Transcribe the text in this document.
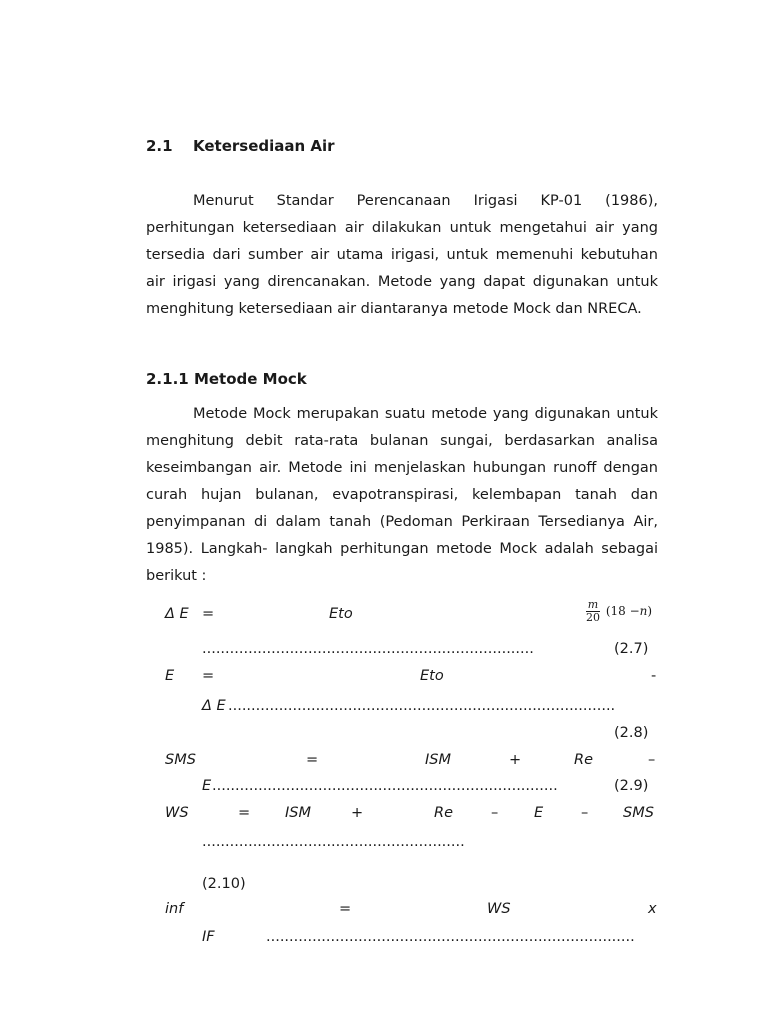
2.1 Ketersediaan Air

Menurut Standar Perencanaan Irigasi KP-01 (1986), perhitungan ketersediaan air dilakukan untuk mengetahui air yang tersedia dari sumber air utama irigasi, untuk memenuhi kebutuhan air irigasi yang direncanakan. Metode yang dapat digunakan untuk menghitung ketersediaan air diantaranya metode Mock dan NRECA.

2.1.1 Metode Mock

Metode Mock merupakan suatu metode yang digunakan untuk menghitung debit rata-rata bulanan sungai, berdasarkan analisa keseimbangan air. Metode ini menjelaskan hubungan runoff dengan curah hujan bulanan, evapotranspirasi, kelembapan tanah dan penyimpanan di dalam tanah (Pedoman Perkiraan Tersedianya Air, 1985). Langkah- langkah perhitungan metode Mock adalah sebagai berikut :

Δ E =	Eto	$\frac{m}{20} (18 -n)$
........................................................................	(2.7)
E =	Eto	-
Δ E ....................................................................................
(2.8)
SMS	=	ISM	+	Re	–
E ...........................................................................	(2.9)
WS	= ISM	+	Re	– E	– SMS
.........................................................
(2.10)
inf	=	WS	x
IF	................................................................................
